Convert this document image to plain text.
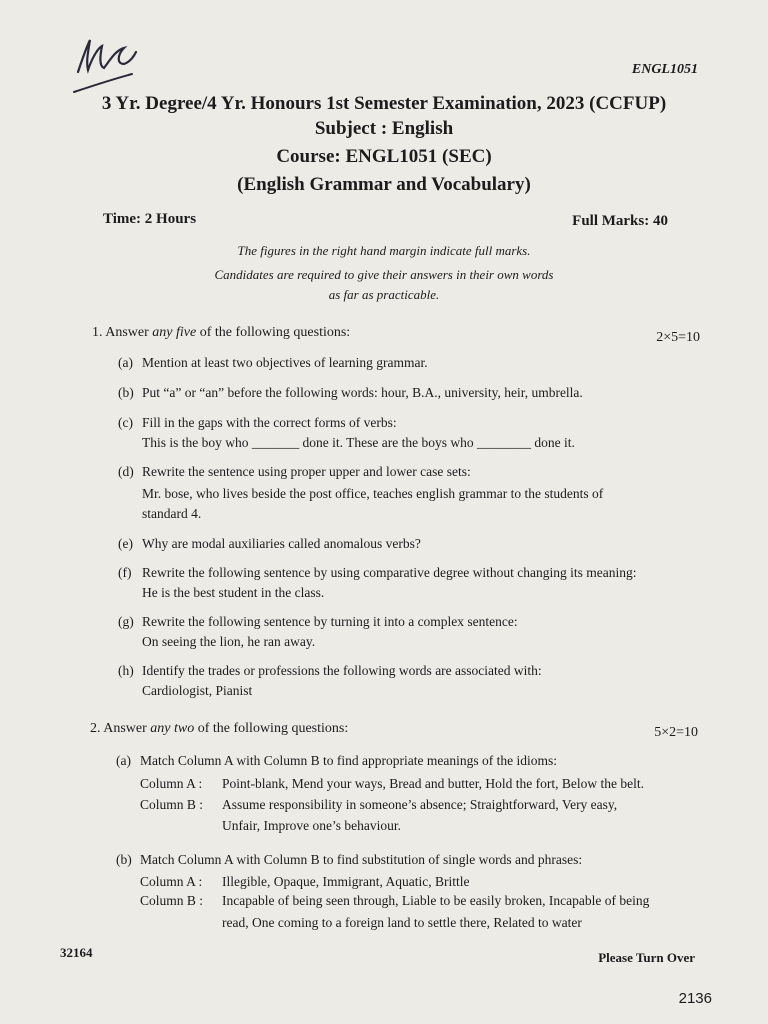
ENGL1051
3 Yr. Degree/4 Yr. Honours 1st Semester Examination, 2023 (CCFUP)
Subject : English
Course: ENGL1051 (SEC)
(English Grammar and Vocabulary)
Time: 2 Hours	Full Marks: 40
The figures in the right hand margin indicate full marks.
Candidates are required to give their answers in their own words
as far as practicable.
1. Answer any five of the following questions:	2×5=10
(a) Mention at least two objectives of learning grammar.
(b) Put “a” or “an” before the following words: hour, B.A., university, heir, umbrella.
(c) Fill in the gaps with the correct forms of verbs:
This is the boy who _______ done it. These are the boys who ________ done it.
(d) Rewrite the sentence using proper upper and lower case sets:
Mr. bose, who lives beside the post office, teaches english grammar to the students of
standard 4.
(e) Why are modal auxiliaries called anomalous verbs?
(f) Rewrite the following sentence by using comparative degree without changing its meaning:
He is the best student in the class.
(g) Rewrite the following sentence by turning it into a complex sentence:
On seeing the lion, he ran away.
(h) Identify the trades or professions the following words are associated with:
Cardiologist, Pianist
2. Answer any two of the following questions:	5×2=10
(a) Match Column A with Column B to find appropriate meanings of the idioms:
Column A : Point-blank, Mend your ways, Bread and butter, Hold the fort, Below the belt.
Column B : Assume responsibility in someone’s absence; Straightforward, Very easy,
Unfair, Improve one’s behaviour.
(b) Match Column A with Column B to find substitution of single words and phrases:
Column A : Illegible, Opaque, Immigrant, Aquatic, Brittle
Column B : Incapable of being seen through, Liable to be easily broken, Incapable of being
read, One coming to a foreign land to settle there, Related to water
32164	Please Turn Over
2136
